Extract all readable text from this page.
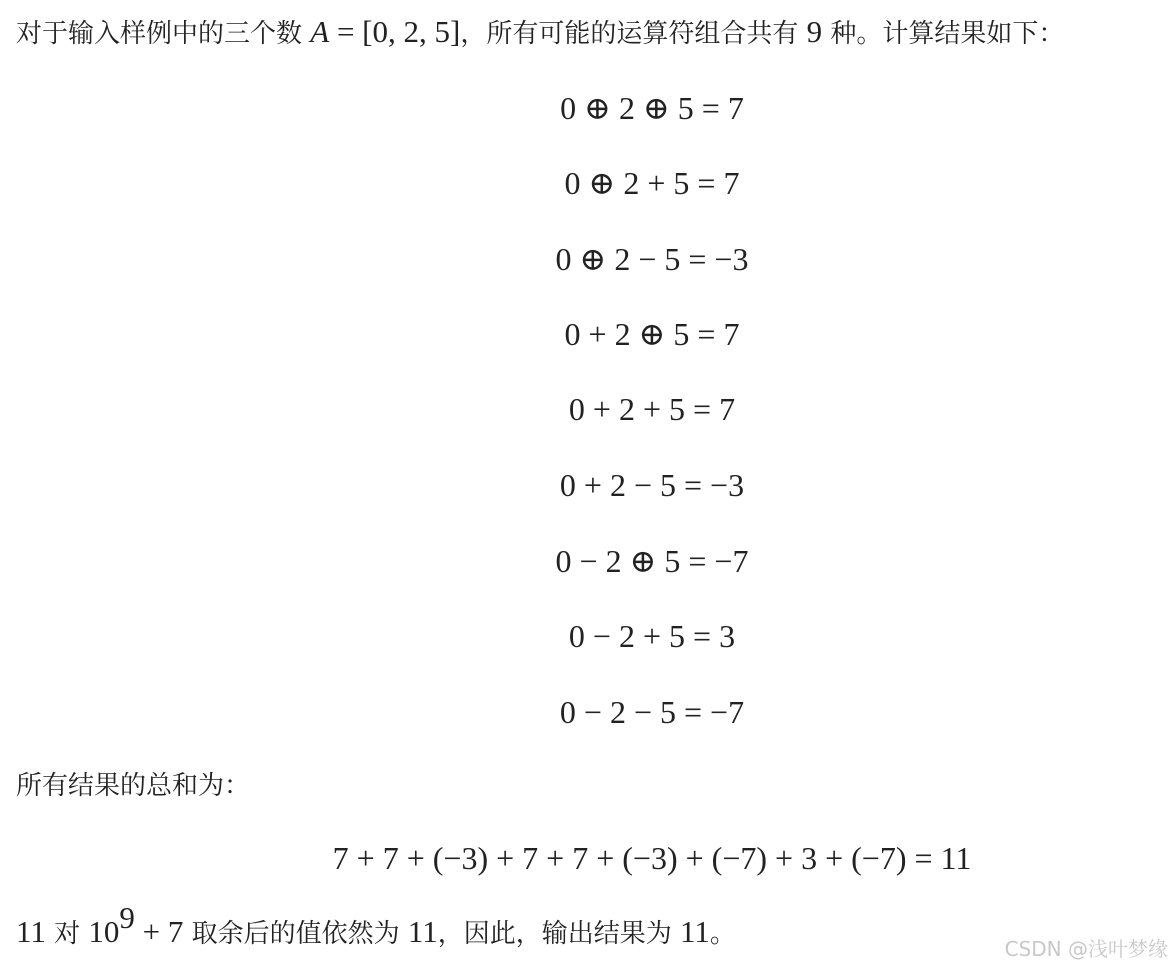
对于输入样例中的三个数 A = [0, 2, 5]，所有可能的运算符组合共有 9 种。计算结果如下：
0 ⊕ 2 ⊕ 5 = 7
0 ⊕ 2 + 5 = 7
0 ⊕ 2 − 5 = −3
0 + 2 ⊕ 5 = 7
0 + 2 + 5 = 7
0 + 2 − 5 = −3
0 − 2 ⊕ 5 = −7
0 − 2 + 5 = 3
0 − 2 − 5 = −7
所有结果的总和为：
7 + 7 + (−3) + 7 + 7 + (−3) + (−7) + 3 + (−7) = 11
11 对 $10^9 + 7$ 取余后的值依然为 11，因此，输出结果为 11。	CSDN @浅叶梦缘
